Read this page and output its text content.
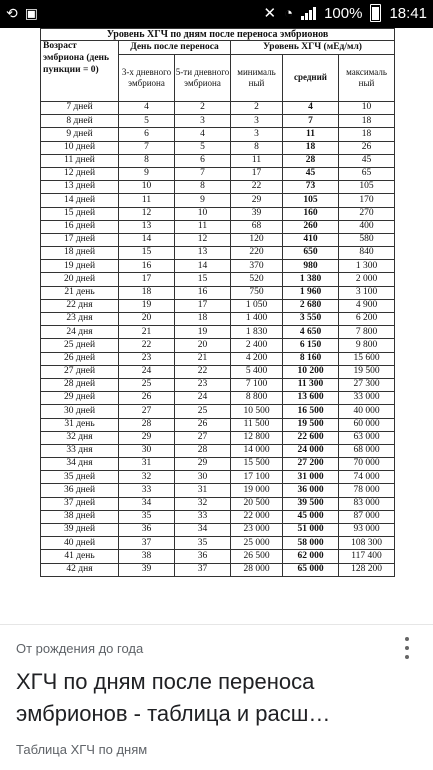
⟲ ▣	✕ ◔ 100% 18:41
Уровень ХГЧ по дням после переноса эмбрионов					
Возраст эмбриона (день пункции = 0)	День после переноса		Уровень ХГЧ (мЕд/мл)		
	3-х дневного эмбриона	5-ти дневного эмбриона	минималь ный	средний	максималь ный
7 дней	4	2	2	4	10
8 дней	5	3	3	7	18
9 дней	6	4	3	11	18
10 дней	7	5	8	18	26
11 дней	8	6	11	28	45
12 дней	9	7	17	45	65
13 дней	10	8	22	73	105
14 дней	11	9	29	105	170
15 дней	12	10	39	160	270
16 дней	13	11	68	260	400
17 дней	14	12	120	410	580
18 дней	15	13	220	650	840
19 дней	16	14	370	980	1 300
20 дней	17	15	520	1 380	2 000
21 день	18	16	750	1 960	3 100
22 дня	19	17	1 050	2 680	4 900
23 дня	20	18	1 400	3 550	6 200
24 дня	21	19	1 830	4 650	7 800
25 дней	22	20	2 400	6 150	9 800
26 дней	23	21	4 200	8 160	15 600
27 дней	24	22	5 400	10 200	19 500
28 дней	25	23	7 100	11 300	27 300
29 дней	26	24	8 800	13 600	33 000
30 дней	27	25	10 500	16 500	40 000
31 день	28	26	11 500	19 500	60 000
32 дня	29	27	12 800	22 600	63 000
33 дня	30	28	14 000	24 000	68 000
34 дня	31	29	15 500	27 200	70 000
35 дней	32	30	17 100	31 000	74 000
36 дней	33	31	19 000	36 000	78 000
37 дней	34	32	20 500	39 500	83 000
38 дней	35	33	22 000	45 000	87 000
39 дней	36	34	23 000	51 000	93 000
40 дней	37	35	25 000	58 000	108 300
41 день	38	36	26 500	62 000	117 400
42 дня	39	37	28 000	65 000	128 200
От рождения до года
ХГЧ по дням после переноса эмбрионов - таблица и расш…
Таблица ХГЧ по дням
